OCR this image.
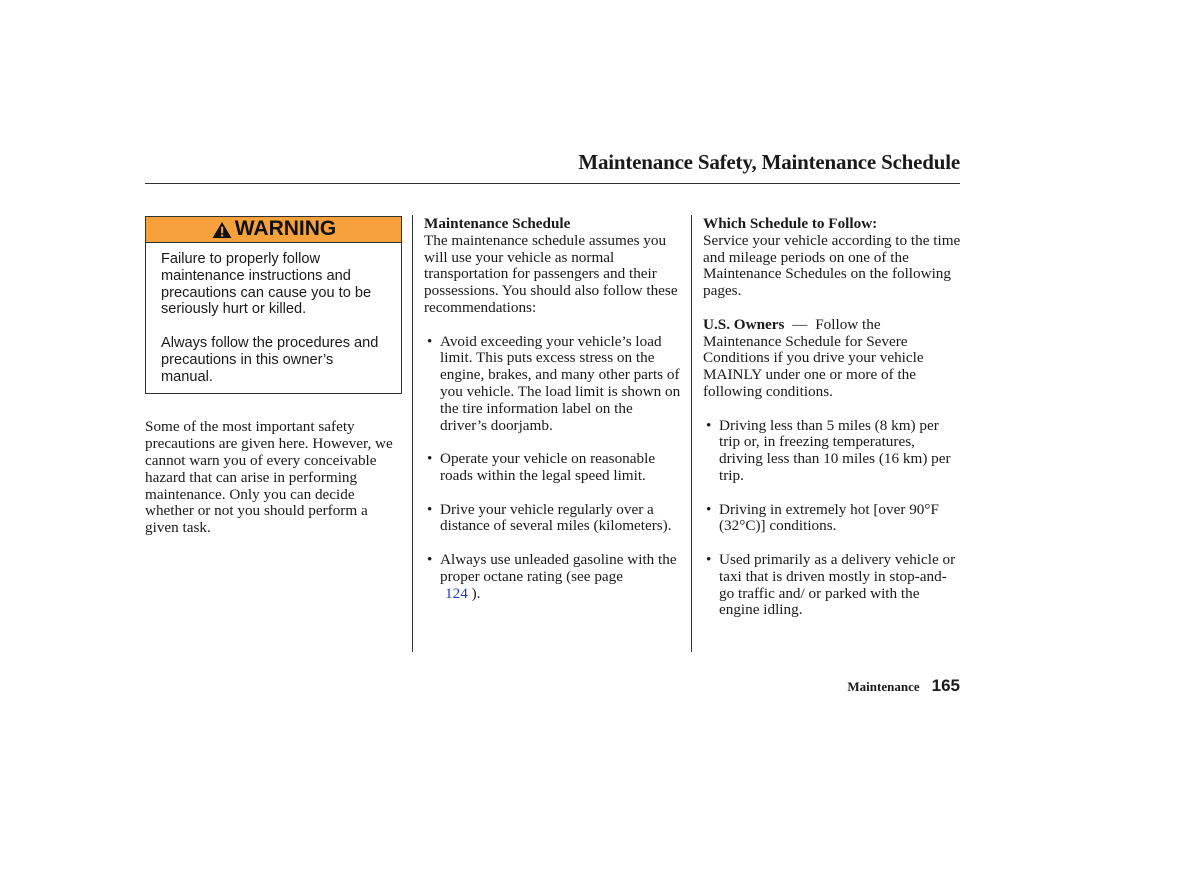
Maintenance Safety, Maintenance Schedule
WARNING

Failure to properly follow maintenance instructions and precautions can cause you to be seriously hurt or killed.

Always follow the procedures and precautions in this owner’s manual.

Some of the most important safety precautions are given here. However, we cannot warn you of every conceivable hazard that can arise in performing maintenance. Only you can decide whether or not you should perform a given task.

Maintenance Schedule

The maintenance schedule assumes you will use your vehicle as normal transportation for passengers and their possessions. You should also follow these recommendations:

• Avoid exceeding your vehicle’s load limit. This puts excess stress on the engine, brakes, and many other parts of you vehicle. The load limit is shown on the tire information label on the driver’s doorjamb.
• Operate your vehicle on reasonable roads within the legal speed limit.
• Drive your vehicle regularly over a distance of several miles (kilometers).
• Always use unleaded gasoline with the proper octane rating (see page
124 ).
Which Schedule to Follow:

Service your vehicle according to the time and mileage periods on one of the Maintenance Schedules on the following pages.

U.S. Owners — Follow the Maintenance Schedule for Severe Conditions if you drive your vehicle MAINLY under one or more of the following conditions.

• Driving less than 5 miles (8 km) per trip or, in freezing temperatures, driving less than 10 miles (16 km) per trip.
• Driving in extremely hot [over 90°F (32°C)] conditions.
• Used primarily as a delivery vehicle or taxi that is driven mostly in stop-and-go traffic and/ or parked with the engine idling.
Maintenance 165
